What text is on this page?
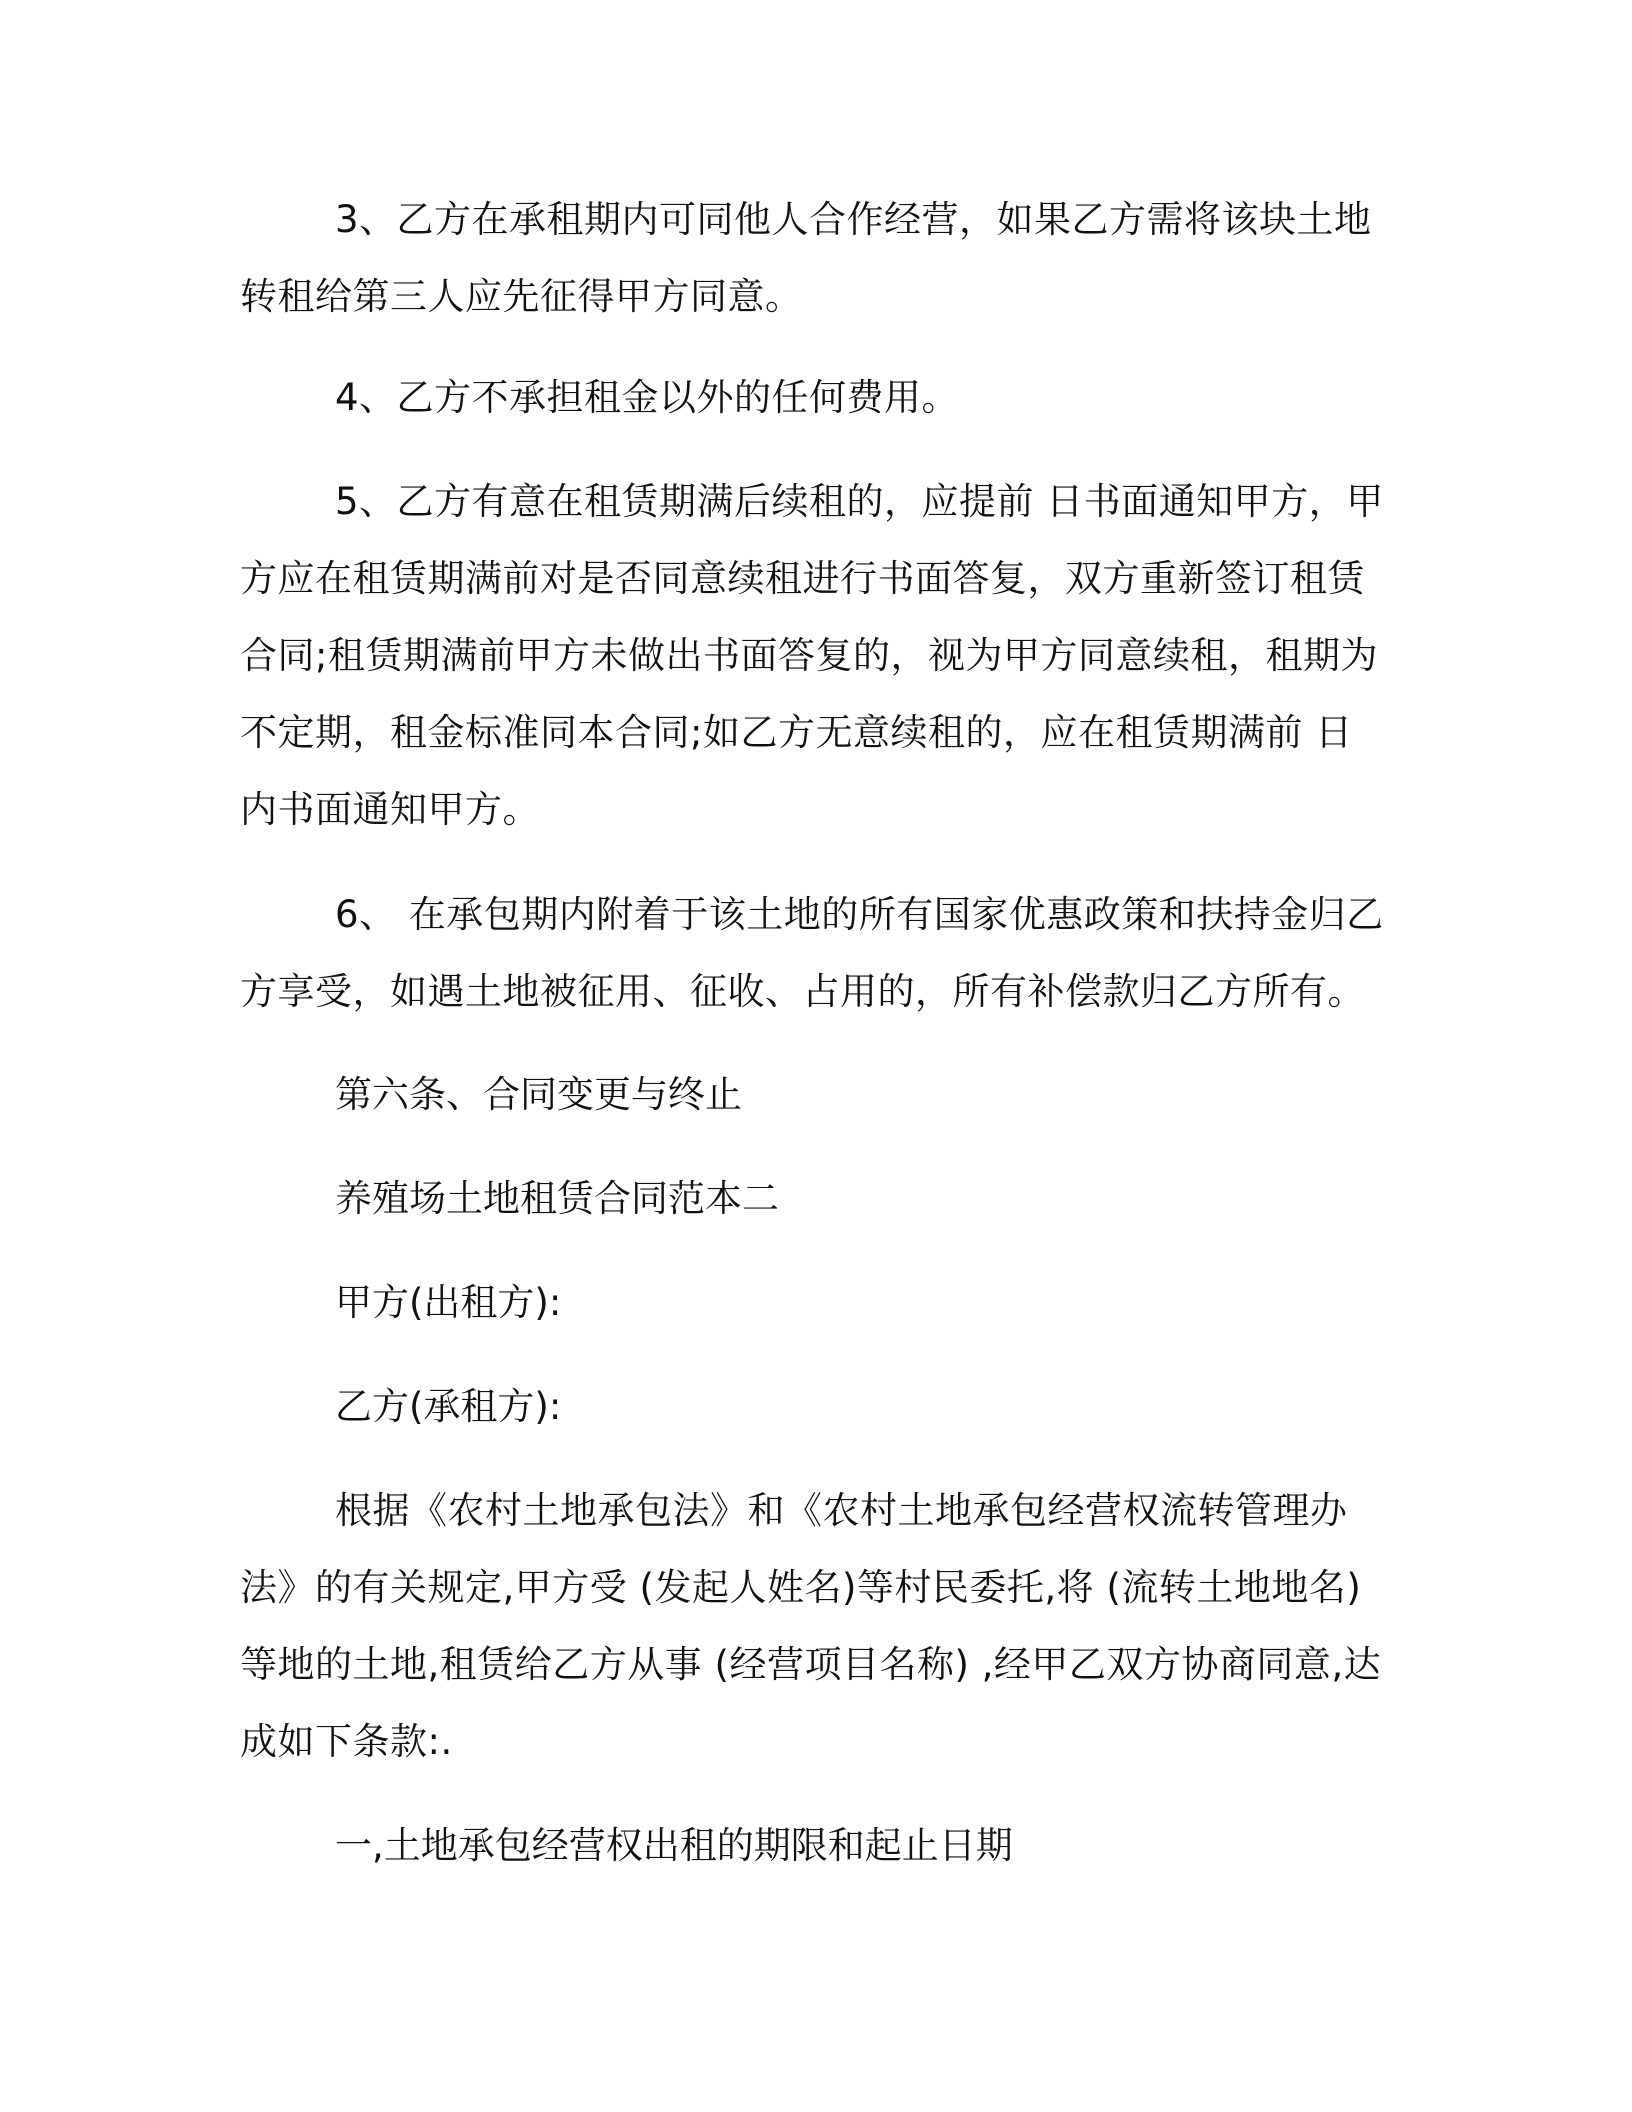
3、乙方在承租期内可同他人合作经营，如果乙方需将该块土地转租给第三人应先征得甲方同意。

4、乙方不承担租金以外的任何费用。

5、乙方有意在租赁期满后续租的，应提前 日书面通知甲方，甲方应在租赁期满前对是否同意续租进行书面答复，双方重新签订租赁合同;租赁期满前甲方未做出书面答复的，视为甲方同意续租，租期为不定期，租金标准同本合同;如乙方无意续租的，应在租赁期满前 日内书面通知甲方。

6、 在承包期内附着于该土地的所有国家优惠政策和扶持金归乙方享受，如遇土地被征用、征收、占用的，所有补偿款归乙方所有。

第六条、合同变更与终止

养殖场土地租赁合同范本二

甲方(出租方):

乙方(承租方):

根据《农村土地承包法》和《农村土地承包经营权流转管理办法》的有关规定,甲方受 (发起人姓名)等村民委托,将 (流转土地地名)等地的土地,租赁给乙方从事 (经营项目名称) ,经甲乙双方协商同意,达成如下条款:.

一,土地承包经营权出租的期限和起止日期
